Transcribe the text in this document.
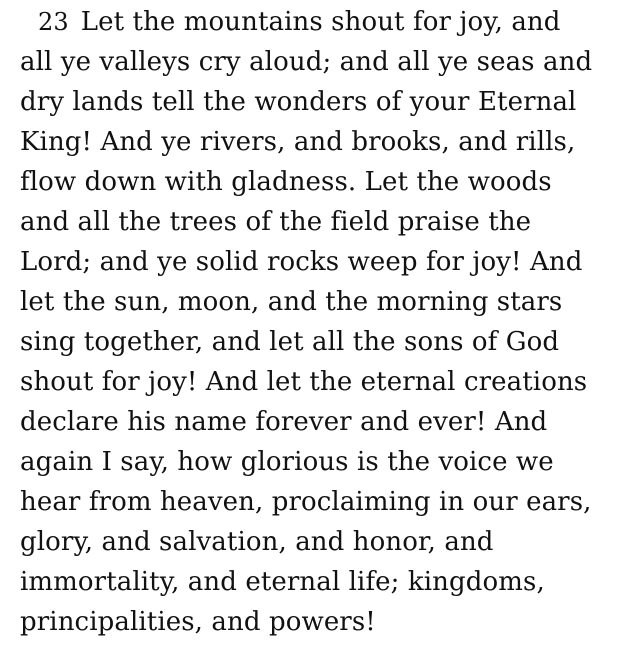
23 Let the mountains shout for joy, and
all ye valleys cry aloud; and all ye seas and
dry lands tell the wonders of your Eternal
King! And ye rivers, and brooks, and rills,
flow down with gladness. Let the woods
and all the trees of the field praise the
Lord; and ye solid rocks weep for joy! And
let the sun, moon, and the morning stars
sing together, and let all the sons of God
shout for joy! And let the eternal creations
declare his name forever and ever! And
again I say, how glorious is the voice we
hear from heaven, proclaiming in our ears,
glory, and salvation, and honor, and
immortality, and eternal life; kingdoms,
principalities, and powers!
